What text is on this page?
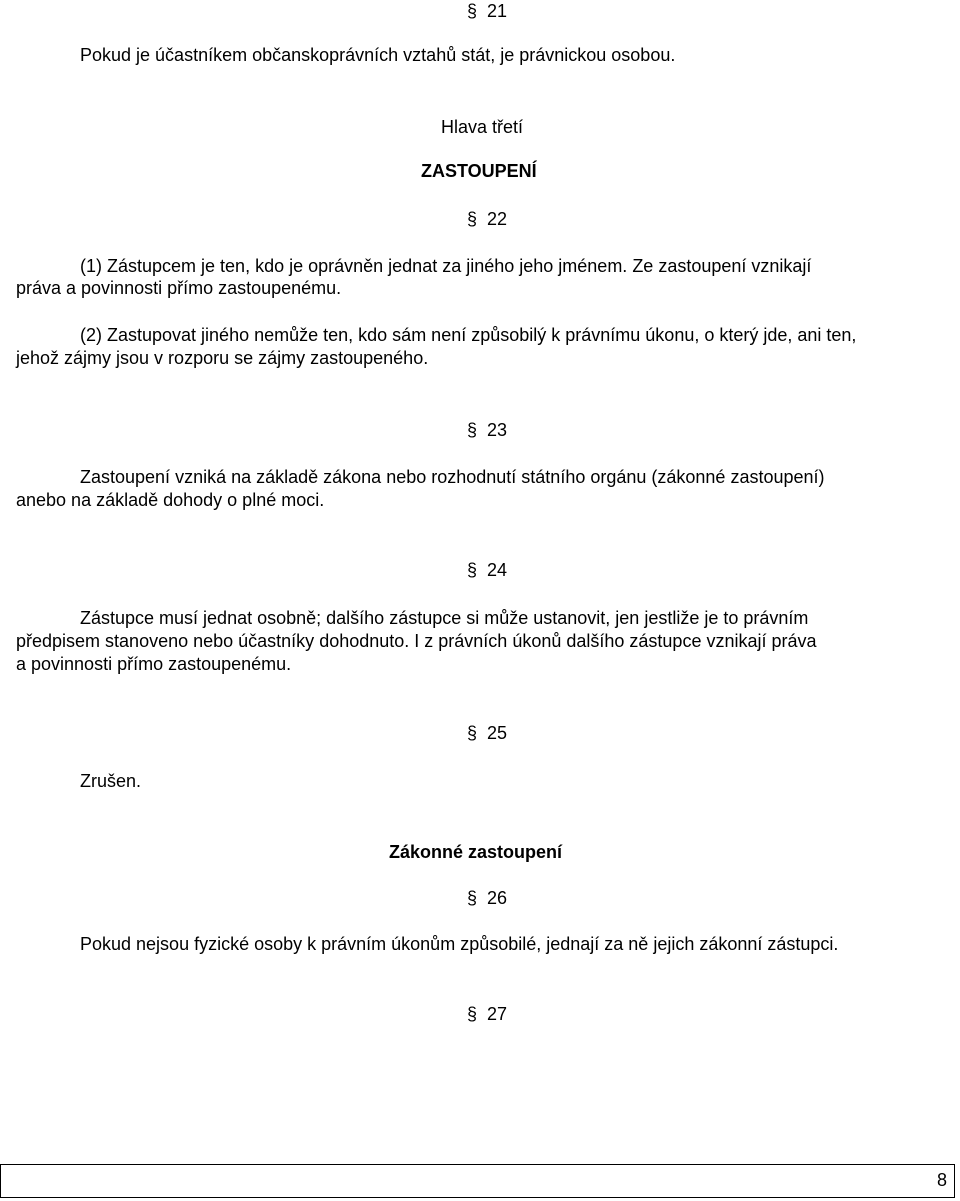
§ 21
Pokud je účastníkem občanskoprávních vztahů stát, je právnickou osobou.
Hlava třetí
ZASTOUPENÍ
§ 22
(1) Zástupcem je ten, kdo je oprávněn jednat za jiného jeho jménem. Ze zastoupení vznikají
práva a povinnosti přímo zastoupenému.
(2) Zastupovat jiného nemůže ten, kdo sám není způsobilý k právnímu úkonu, o který jde, ani ten,
jehož zájmy jsou v rozporu se zájmy zastoupeného.
§ 23
Zastoupení vzniká na základě zákona nebo rozhodnutí státního orgánu (zákonné zastoupení)
anebo na základě dohody o plné moci.
§ 24
Zástupce musí jednat osobně; dalšího zástupce si může ustanovit, jen jestliže je to právním
předpisem stanoveno nebo účastníky dohodnuto. I z právních úkonů dalšího zástupce vznikají práva
a povinnosti přímo zastoupenému.
§ 25
Zrušen.
Zákonné zastoupení
§ 26
Pokud nejsou fyzické osoby k právním úkonům způsobilé, jednají za ně jejich zákonní zástupci.
§ 27
8
